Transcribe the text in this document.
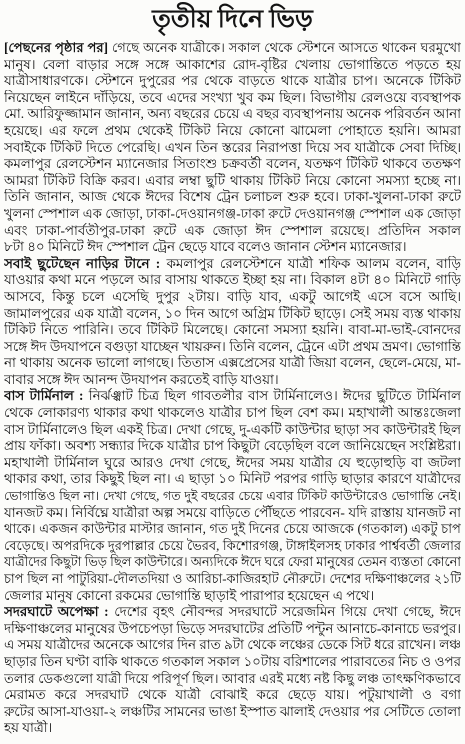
তৃতীয় দিনে ভিড়
[পেছনের পৃষ্ঠার পর] গেছে অনেক যাত্রীকে। সকাল থেকে স্টেশনে আসতে থাকেন ঘরমুখো
মানুষ। বেলা বাড়ার সঙ্গে সঙ্গে আকাশের রোদ-বৃষ্টির খেলায় ভোগান্তিতে পড়তে হয়
যাত্রীসাধারণকে। স্টেশনে দুপুরের পর থেকে বাড়তে থাকে যাত্রীর চাপ। অনেকে টিকিট
নিয়েছেন লাইনে দাঁড়িয়ে, তবে এদের সংখ্যা খুব কম ছিল। বিভাগীয় রেলওয়ে ব্যবস্থাপক
মো. আরিফুজ্জামান জানান, অন্য বছরের চেয়ে এ বছর ব্যবস্থাপনায় অনেক পরিবর্তন আনা
হয়েছে। এর ফলে প্রথম থেকেই টিকিট নিয়ে কোনো ঝামেলা পোহাতে হয়নি। আমরা
সবাইকে টিকিট দিতে পেরেছি। এখন তিন স্তরের নিরাপত্তা দিয়ে সব যাত্রীকে সেবা দিচ্ছি।
কমলাপুর রেলস্টেশন ম্যানেজার সিতাংশু চক্রবর্তী বলেন, যতক্ষণ টিকিট থাকবে ততক্ষণ
আমরা টিকিট বিক্রি করব। এবার লম্বা ছুটি থাকায় টিকিট নিয়ে কোনো সমস্যা হচ্ছে না।
তিনি জানান, আজ থেকে ঈদের বিশেষ ট্রেন চলাচল শুরু হবে। ঢাকা-খুলনা-ঢাকা রুটে
খুলনা স্পেশাল এক জোড়া, ঢাকা-দেওয়ানগঞ্জ-ঢাকা রুটে দেওয়ানগঞ্জ স্পেশাল এক জোড়া
এবং ঢাকা-পার্বতীপুর-ঢাকা রুটে এক জোড়া ঈদ স্পেশাল রয়েছে। প্রতিদিন সকাল
৮টা ৪০ মিনিটে ঈদ স্পেশাল ট্রেন ছেড়ে যাবে বলেও জানান স্টেশন ম্যানেজার।
সবাই ছুটেছেন নাড়ির টানে : কমলাপুর রেলস্টেশনে যাত্রী শফিক আলম বলেন, বাড়ি
যাওয়ার কথা মনে পড়লে আর বাসায় থাকতে ইচ্ছা হয় না। বিকাল ৪টা ৪০ মিনিটে গাড়ি
আসবে, কিন্তু চলে এসেছি দুপুর ২টায়। বাড়ি যাব, একটু আগেই এসে বসে আছি।
জামালপুরের এক যাত্রী বলেন, ১০ দিন আগে অগ্রিম টিকিট ছাড়ে। সেই সময় ব্যস্ত থাকায়
টিকিট নিতে পারিনি। তবে টিকিট মিলেছে। কোনো সমস্যা হয়নি। বাবা-মা-ভাই-বোনদের
সঙ্গে ঈদ উদযাপনে বগুড়া যাচ্ছেন খায়রুন। তিনি বলেন, ট্রেনে এটা প্রথম ভ্রমণ। ভোগান্তি
না থাকায় অনেক ভালো লাগছে। তিতাস এক্সপ্রেসের যাত্রী জিয়া বলেন, ছেলে-মেয়ে, মা-
বাবার সঙ্গে ঈদ আনন্দ উদযাপন করতেই বাড়ি যাওয়া।
বাস টার্মিনাল : নির্ঝঞ্ঝাট চিত্র ছিল গাবতলীর বাস টার্মিনালেও। ঈদের ছুটিতে টার্মিনাল
থেকে লোকারণ্য থাকার কথা থাকলেও যাত্রীর চাপ ছিল বেশ কম। মহাখালী আন্তঃজেলা
বাস টার্মিনালেও ছিল একই চিত্র। দেখা গেছে, দু-একটি কাউন্টার ছাড়া সব কাউন্টারই ছিল
প্রায় ফাঁকা। অবশ্য সন্ধ্যার দিকে যাত্রীর চাপ কিছুটা বেড়েছিল বলে জানিয়েছেন সংশ্লিষ্টরা।
মহাখালী টার্মিনাল ঘুরে আরও দেখা গেছে, ঈদের সময় যাত্রীর যে হুড়োহুড়ি বা জটলা
থাকার কথা, তার কিছুই ছিল না। এ ছাড়া ১০ মিনিট পরপর গাড়ি ছাড়ার কারণে যাত্রীদের
ভোগান্তিও ছিল না। দেখা গেছে, গত দুই বছরের চেয়ে এবার টিকিট কাউন্টারেও ভোগান্তি নেই।
যানজট কম। নির্বিঘ্নে যাত্রীরা অল্প সময়ে বাড়িতে পৌঁছতে পারবেন- যদি রাস্তায় যানজট না
থাকে। একজন কাউন্টার মাস্টার জানান, গত দুই দিনের চেয়ে আজকে (গতকাল) একটু চাপ
বেড়েছে। অপরদিকে দুরপাল্লার চেয়ে ভৈরব, কিশোরগঞ্জ, টাঙ্গাইলসহ ঢাকার পার্শ্ববর্তী জেলার
যাত্রীদের কিছুটা ভিড় ছিল কাউন্টারে। অন্যদিকে ঈদে ঘরে ফেরা মানুষের তেমন ব্যস্ততা কোনো
চাপ ছিল না পাটুরিয়া-দৌলতদিয়া ও আরিচা-কাজিরহাট নৌরুটে। দেশের দক্ষিণাঞ্চলের ২১টি
জেলার মানুষ কোনো রকমের ভোগান্তি ছাড়াই পারাপার হয়েছেন এ পথে।
সদরঘাটে অপেক্ষা : দেশের বৃহৎ নৌবন্দর সদরঘাটে সরেজমিন গিয়ে দেখা গেছে, ঈদে
দক্ষিণাঞ্চলের মানুষের উপচেপড়া ভিড়ে সদরঘাটের প্রতিটি পন্টুন আনাচে-কানাচে ভরপুর।
এ সময় যাত্রীদের অনেকে আগের দিন রাত ৯টা থেকে লঞ্চের ডেকে সিট ধরে রাখেন। লঞ্চ
ছাড়ার তিন ঘণ্টা বাকি থাকতে গতকাল সকাল ১০টায় বরিশালের পারাবতের নিচ ও ওপর
তলার ডেকগুলো যাত্রী দিয়ে পরিপূর্ণ ছিল। আবার এরই মধ্যে নষ্ট কিছু লঞ্চ তাৎক্ষণিকভাবে
মেরামত করে সদরঘাট থেকে যাত্রী বোঝাই করে ছেড়ে যায়। পটুয়াখালী ও বগা
রুটের আসা-যাওয়া-২ লঞ্চটির সামনের ভাঙা ইস্পাত ঝালাই দেওয়ার পর সেটিতে তোলা
হয় যাত্রী।
